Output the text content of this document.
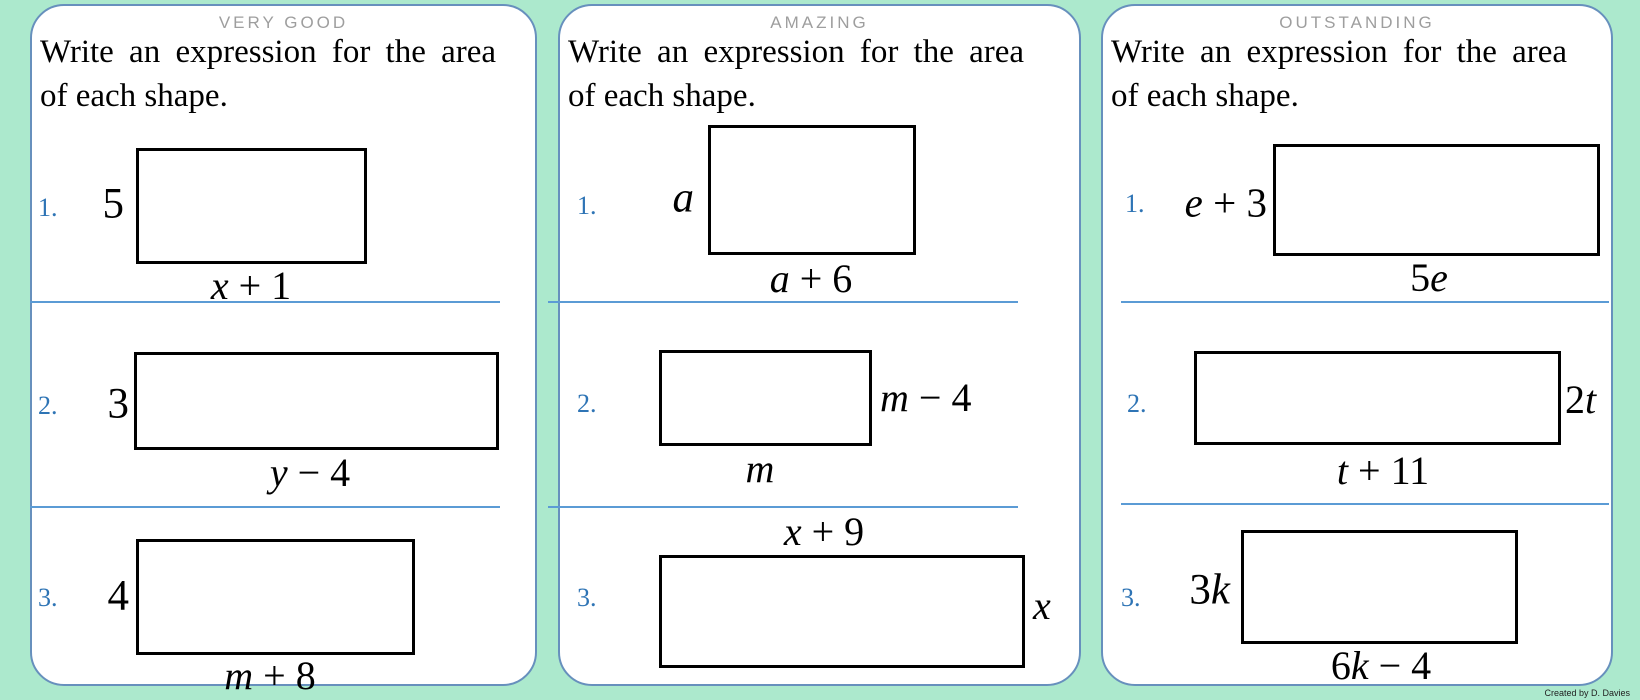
VERY GOOD
Write an expression for the area
of each shape.
1. 5
x + 1
2. 3
y − 4
3. 4
m + 8
AMAZING
Write an expression for the area
of each shape.
1. a
a + 6
2.	m − 4
m
3.
x + 9
x
OUTSTANDING
Write an expression for the area
of each shape.
1. e + 3
5e
2.	2t
t + 11
3. 3k
6k − 4
Created by D. Davies
